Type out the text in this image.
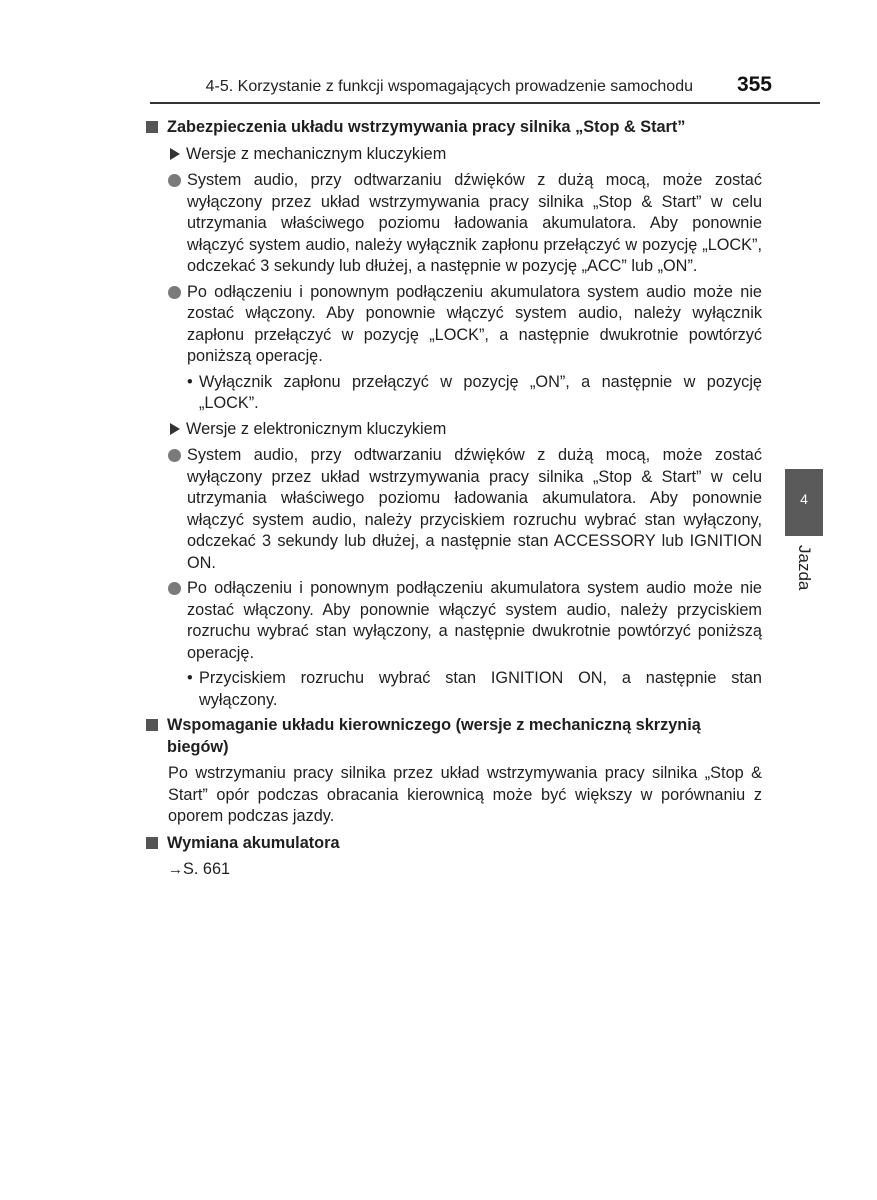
4-5. Korzystanie z funkcji wspomagających prowadzenie samochodu 355
4
Jazda
Zabezpieczenia układu wstrzymywania pracy silnika „Stop & Start”
Wersje z mechanicznym kluczykiem
System audio, przy odtwarzaniu dźwięków z dużą mocą, może zostać wyłączony przez układ wstrzymywania pracy silnika „Stop & Start” w celu utrzymania właściwego poziomu ładowania akumulatora. Aby ponownie włączyć system audio, należy wyłącznik zapłonu przełączyć w pozycję „LOCK”, odczekać 3 sekundy lub dłużej, a następnie w pozycję „ACC” lub „ON”.
Po odłączeniu i ponownym podłączeniu akumulatora system audio może nie zostać włączony. Aby ponownie włączyć system audio, należy wyłącznik zapłonu przełączyć w pozycję „LOCK”, a następnie dwukrotnie powtórzyć poniższą operację.
• Wyłącznik zapłonu przełączyć w pozycję „ON”, a następnie w pozycję „LOCK”.
Wersje z elektronicznym kluczykiem
System audio, przy odtwarzaniu dźwięków z dużą mocą, może zostać wyłączony przez układ wstrzymywania pracy silnika „Stop & Start” w celu utrzymania właściwego poziomu ładowania akumulatora. Aby ponownie włączyć system audio, należy przyciskiem rozruchu wybrać stan wyłączony, odczekać 3 sekundy lub dłużej, a następnie stan ACCESSORY lub IGNITION ON.
Po odłączeniu i ponownym podłączeniu akumulatora system audio może nie zostać włączony. Aby ponownie włączyć system audio, należy przyciskiem rozruchu wybrać stan wyłączony, a następnie dwukrotnie powtórzyć poniższą operację.
• Przyciskiem rozruchu wybrać stan IGNITION ON, a następnie stan wyłączony.
Wspomaganie układu kierowniczego (wersje z mechaniczną skrzynią biegów)
Po wstrzymaniu pracy silnika przez układ wstrzymywania pracy silnika „Stop & Start” opór podczas obracania kierownicą może być większy w porównaniu z oporem podczas jazdy.
Wymiana akumulatora
→S. 661
